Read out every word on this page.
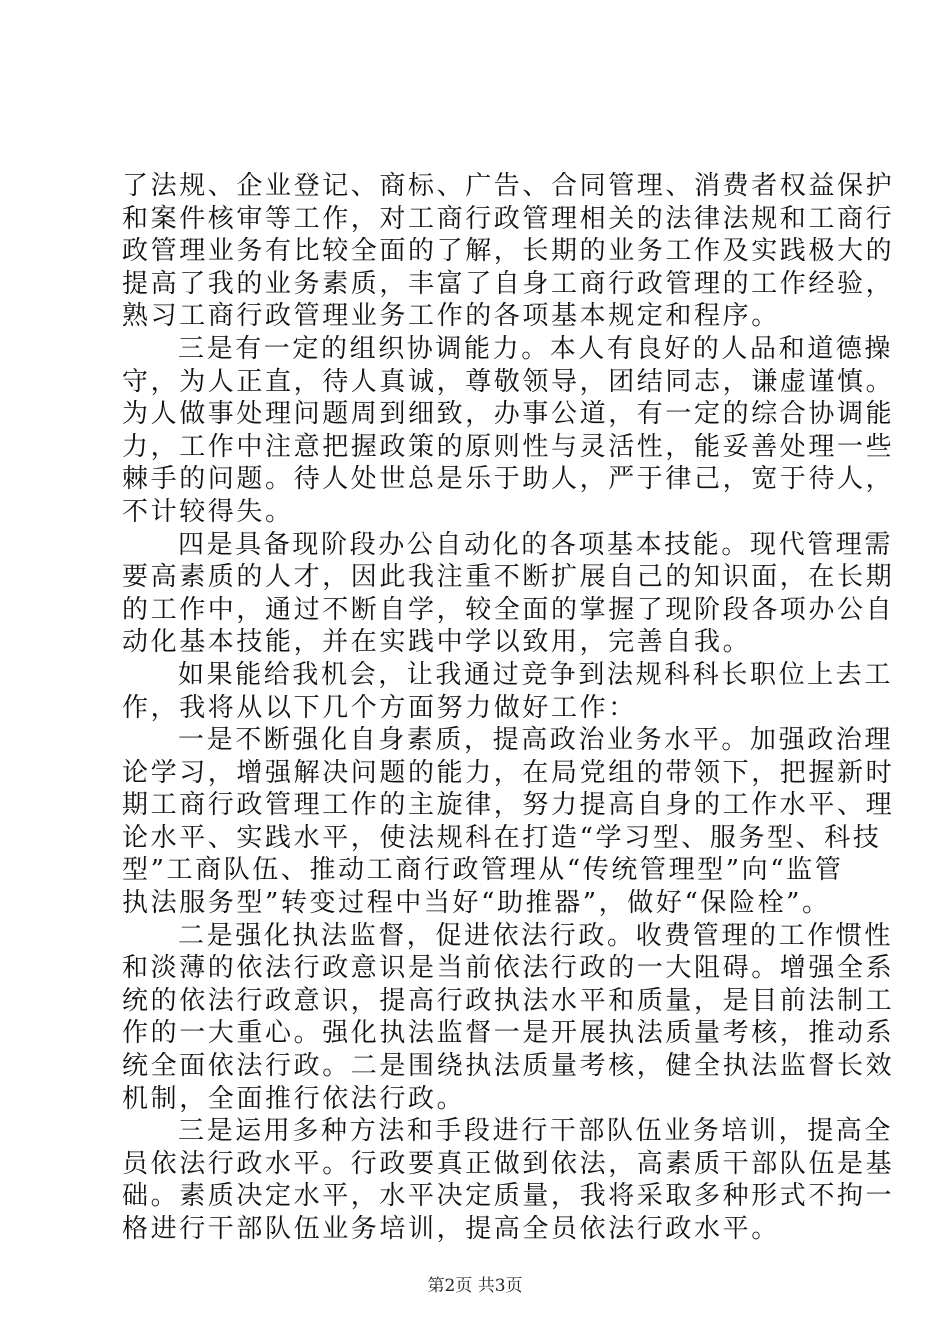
了法规、企业登记、商标、广告、合同管理、消费者权益保护
和案件核审等工作，对工商行政管理相关的法律法规和工商行
政管理业务有比较全面的了解，长期的业务工作及实践极大的
提高了我的业务素质，丰富了自身工商行政管理的工作经验，
熟习工商行政管理业务工作的各项基本规定和程序。
三是有一定的组织协调能力。本人有良好的人品和道德操
守，为人正直，待人真诚，尊敬领导，团结同志，谦虚谨慎。
为人做事处理问题周到细致，办事公道，有一定的综合协调能
力，工作中注意把握政策的原则性与灵活性，能妥善处理一些
棘手的问题。待人处世总是乐于助人，严于律己，宽于待人，
不计较得失。
四是具备现阶段办公自动化的各项基本技能。现代管理需
要高素质的人才，因此我注重不断扩展自己的知识面，在长期
的工作中，通过不断自学，较全面的掌握了现阶段各项办公自
动化基本技能，并在实践中学以致用，完善自我。
如果能给我机会，让我通过竞争到法规科科长职位上去工
作，我将从以下几个方面努力做好工作：
一是不断强化自身素质，提高政治业务水平。加强政治理
论学习，增强解决问题的能力，在局党组的带领下，把握新时
期工商行政管理工作的主旋律，努力提高自身的工作水平、理
论水平、实践水平，使法规科在打造“学习型、服务型、科技
型”工商队伍、推动工商行政管理从“传统管理型”向“监管
执法服务型”转变过程中当好“助推器”，做好“保险栓”。
二是强化执法监督，促进依法行政。收费管理的工作惯性
和淡薄的依法行政意识是当前依法行政的一大阻碍。增强全系
统的依法行政意识，提高行政执法水平和质量，是目前法制工
作的一大重心。强化执法监督一是开展执法质量考核，推动系
统全面依法行政。二是围绕执法质量考核，健全执法监督长效
机制，全面推行依法行政。
三是运用多种方法和手段进行干部队伍业务培训，提高全
员依法行政水平。行政要真正做到依法，高素质干部队伍是基
础。素质决定水平，水平决定质量，我将采取多种形式不拘一
格进行干部队伍业务培训，提高全员依法行政水平。
第2页 共3页
